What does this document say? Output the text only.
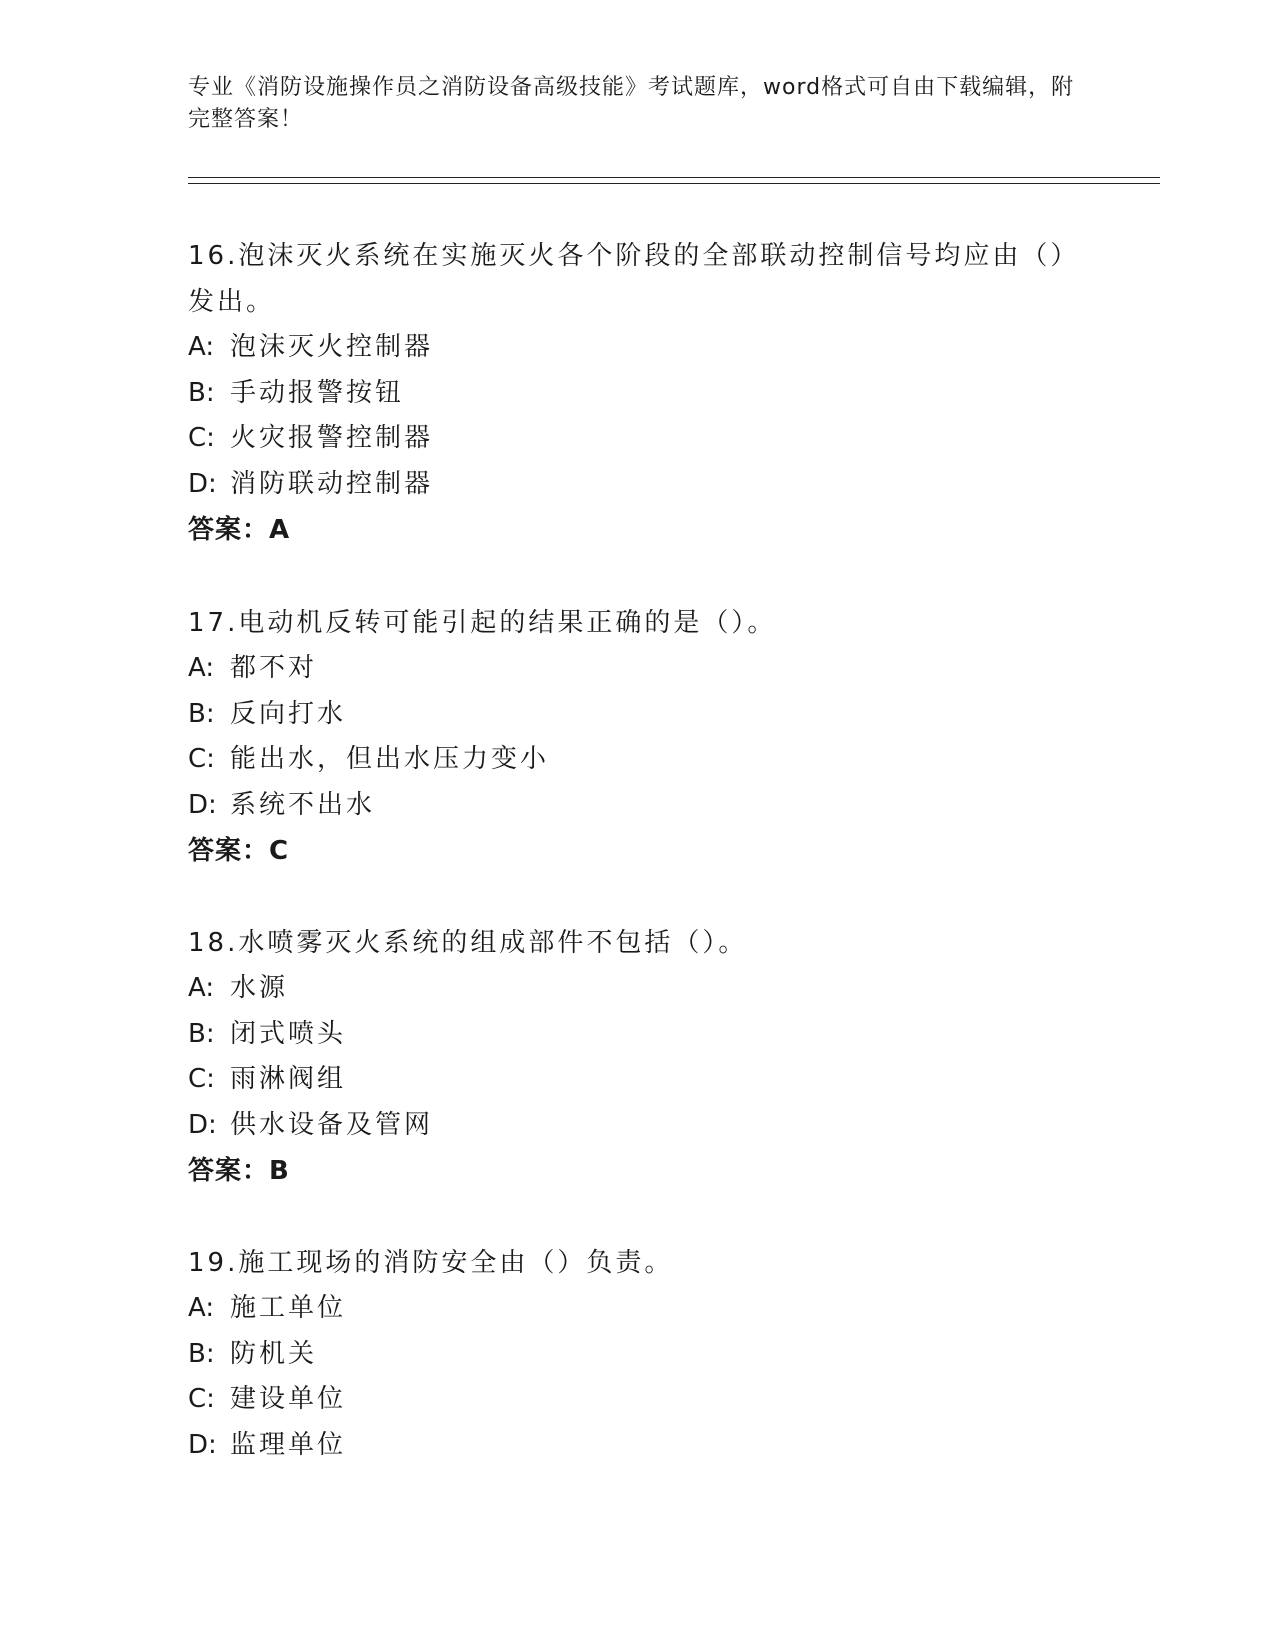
专业《消防设施操作员之消防设备高级技能》考试题库，word格式可自由下载编辑，附完整答案！

16.泡沫灭火系统在实施灭火各个阶段的全部联动控制信号均应由（）发出。

A: 泡沫灭火控制器

B: 手动报警按钮

C: 火灾报警控制器

D: 消防联动控制器

答案：A

17.电动机反转可能引起的结果正确的是（）。

A: 都不对

B: 反向打水

C: 能出水，但出水压力变小

D: 系统不出水

答案：C

18.水喷雾灭火系统的组成部件不包括（）。

A: 水源

B: 闭式喷头

C: 雨淋阀组

D: 供水设备及管网

答案：B

19.施工现场的消防安全由（）负责。

A: 施工单位

B: 防机关

C: 建设单位

D: 监理单位
